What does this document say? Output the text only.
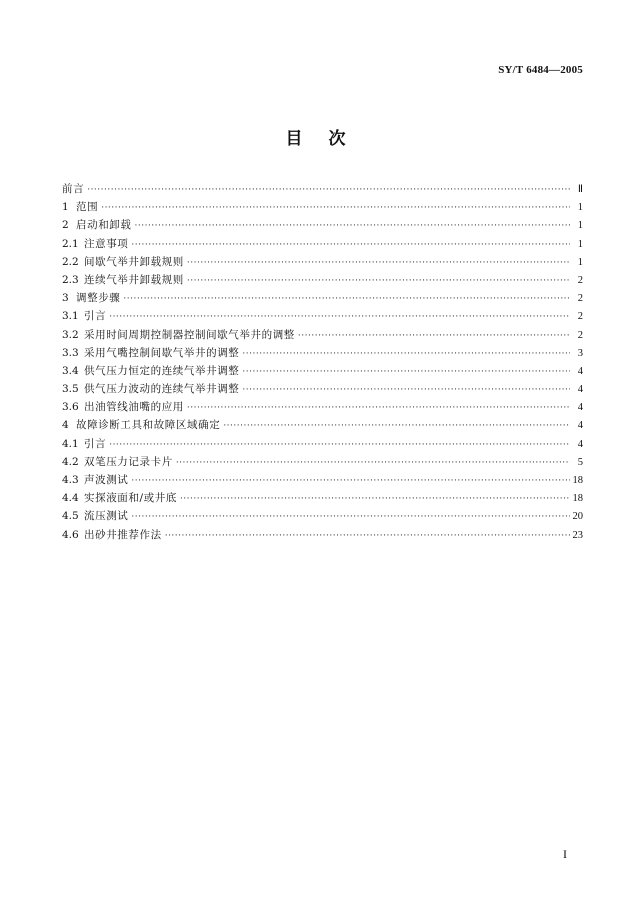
SY/T 6484—2005
目次
前言 ·····	Ⅱ
1 范围 ·····	1
2 启动和卸载 ·····	1
2.1 注意事项 ·····	1
2.2 间歇气举井卸载规则 ·····	1
2.3 连续气举井卸载规则 ·····	2
3 调整步骤 ·····	2
3.1 引言 ·····	2
3.2 采用时间周期控制器控制间歇气举井的调整 ·····	2
3.3 采用气嘴控制间歇气举井的调整 ·····	3
3.4 供气压力恒定的连续气举井调整 ·····	4
3.5 供气压力波动的连续气举井调整 ·····	4
3.6 出油管线油嘴的应用 ·····	4
4 故障诊断工具和故障区域确定 ·····	4
4.1 引言 ·····	4
4.2 双笔压力记录卡片 ·····	5
4.3 声波测试 ·····	18
4.4 实探液面和/或井底 ·····	18
4.5 流压测试 ·····	20
4.6 出砂井推荐作法 ·····	23
I
